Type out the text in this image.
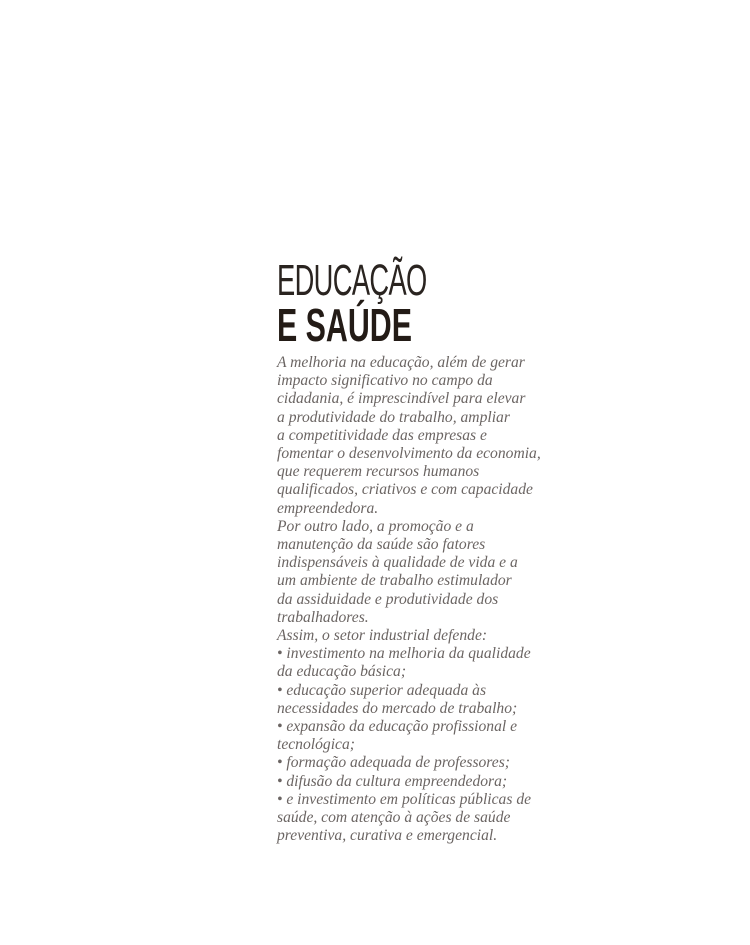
EDUCAÇÃO
E SAÚDE

A melhoria na educação, além de gerar
impacto significativo no campo da
cidadania, é imprescindível para elevar
a produtividade do trabalho, ampliar
a competitividade das empresas e
fomentar o desenvolvimento da economia,
que requerem recursos humanos
qualificados, criativos e com capacidade
empreendedora.

Por outro lado, a promoção e a
manutenção da saúde são fatores
indispensáveis à qualidade de vida e a
um ambiente de trabalho estimulador
da assiduidade e produtividade dos
trabalhadores.

Assim, o setor industrial defende:
• investimento na melhoria da qualidade
da educação básica;
• educação superior adequada às
necessidades do mercado de trabalho;
• expansão da educação profissional e
tecnológica;
• formação adequada de professores;
• difusão da cultura empreendedora;
• e investimento em políticas públicas de
saúde, com atenção à ações de saúde
preventiva, curativa e emergencial.
